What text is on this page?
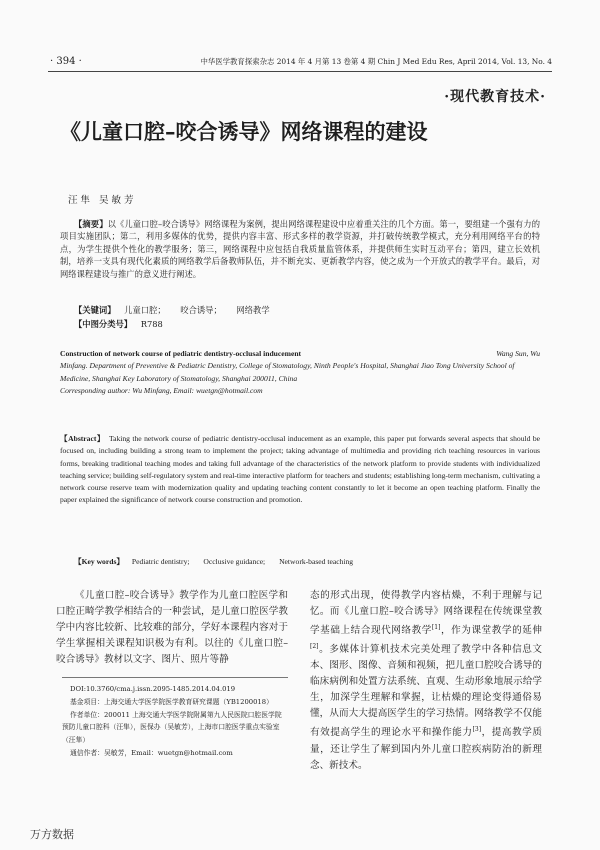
· 394 ·	中华医学教育探索杂志 2014 年 4 月第 13 卷第 4 期 Chin J Med Edu Res, April 2014, Vol. 13, No. 4
·现代教育技术·
《儿童口腔–咬合诱导》网络课程的建设
汪隼 吴敏芳
【摘要】以《儿童口腔–咬合诱导》网络课程为案例，提出网络课程建设中应着重关注的几个方面。第一，要组建一个强有力的项目实施团队；第二，利用多媒体的优势，提供内容丰富、形式多样的教学资源，并打破传统教学模式，充分利用网络平台的特点，为学生提供个性化的教学服务；第三，网络课程中应包括自我质量监管体系，并提供师生实时互动平台；第四，建立长效机制，培养一支具有现代化素质的网络教学后备教师队伍，并不断充实、更新教学内容，使之成为一个开放式的教学平台。最后，对网络课程建设与推广的意义进行阐述。
【关键词】 儿童口腔； 咬合诱导； 网络教学
【中图分类号】 R788
Wang Sun, Wu
Construction of network course of pediatric dentistry-occlusal inducement
Minfang. Department of Preventive & Pediatric Dentistry, College of Stomatology, Ninth People's Hospital, Shanghai Jiao Tong University School of Medicine, Shanghai Key Laboratory of Stomatology, Shanghai 200011, China
Corresponding author: Wu Minfang, Email: wuetgn@hotmail.com
【Abstract】 Taking the network course of pediatric dentistry-occlusal inducement as an example, this paper put forwards several aspects that should be focused on, including building a strong team to implement the project; taking advantage of multimedia and providing rich teaching resources in various forms, breaking traditional teaching modes and taking full advantage of the characteristics of the network platform to provide students with individualized teaching service; building self-regulatory system and real-time interactive platform for teachers and students; establishing long-term mechanism, cultivating a network course reserve team with modernization quality and updating teaching content constantly to let it become an open teaching platform. Finally the paper explained the significance of network course construction and promotion.
【Key words】 Pediatric dentistry; Occlusive guidance; Network-based teaching
《儿童口腔–咬合诱导》教学作为儿童口腔医学和口腔正畸学教学相结合的一种尝试，是儿童口腔医学教学中内容比较新、比较难的部分，学好本课程内容对于学生掌握相关课程知识极为有利。以往的《儿童口腔–咬合诱导》教材以文字、图片、照片等静

DOI:10.3760/cma.j.issn.2095-1485.2014.04.019

基金项目：上海交通大学医学院医学教育研究课题（YB1200018）

作者单位：200011 上海交通大学医学院附属第九人民医院口腔医学院预防儿童口腔科（汪隼），医保办（吴敏芳），上海市口腔医学重点实验室（汪隼）

通信作者：吴敏芳，Email：wuetgn@hotmail.com

态的形式出现，使得教学内容枯燥，不利于理解与记忆。而《儿童口腔–咬合诱导》网络课程在传统课堂教学基础上结合现代网络教学[1]，作为课堂教学的延伸[2]。多媒体计算机技术完美处理了教学中各种信息文本、图形、图像、音频和视频，把儿童口腔咬合诱导的临床病例和处置方法系统、直观、生动形象地展示给学生，加深学生理解和掌握，让枯燥的理论变得通俗易懂，从而大大提高医学生的学习热情。网络教学不仅能有效提高学生的理论水平和操作能力[3]，提高教学质量，还让学生了解到国内外儿童口腔疾病防治的新理念、新技术。
万方数据
